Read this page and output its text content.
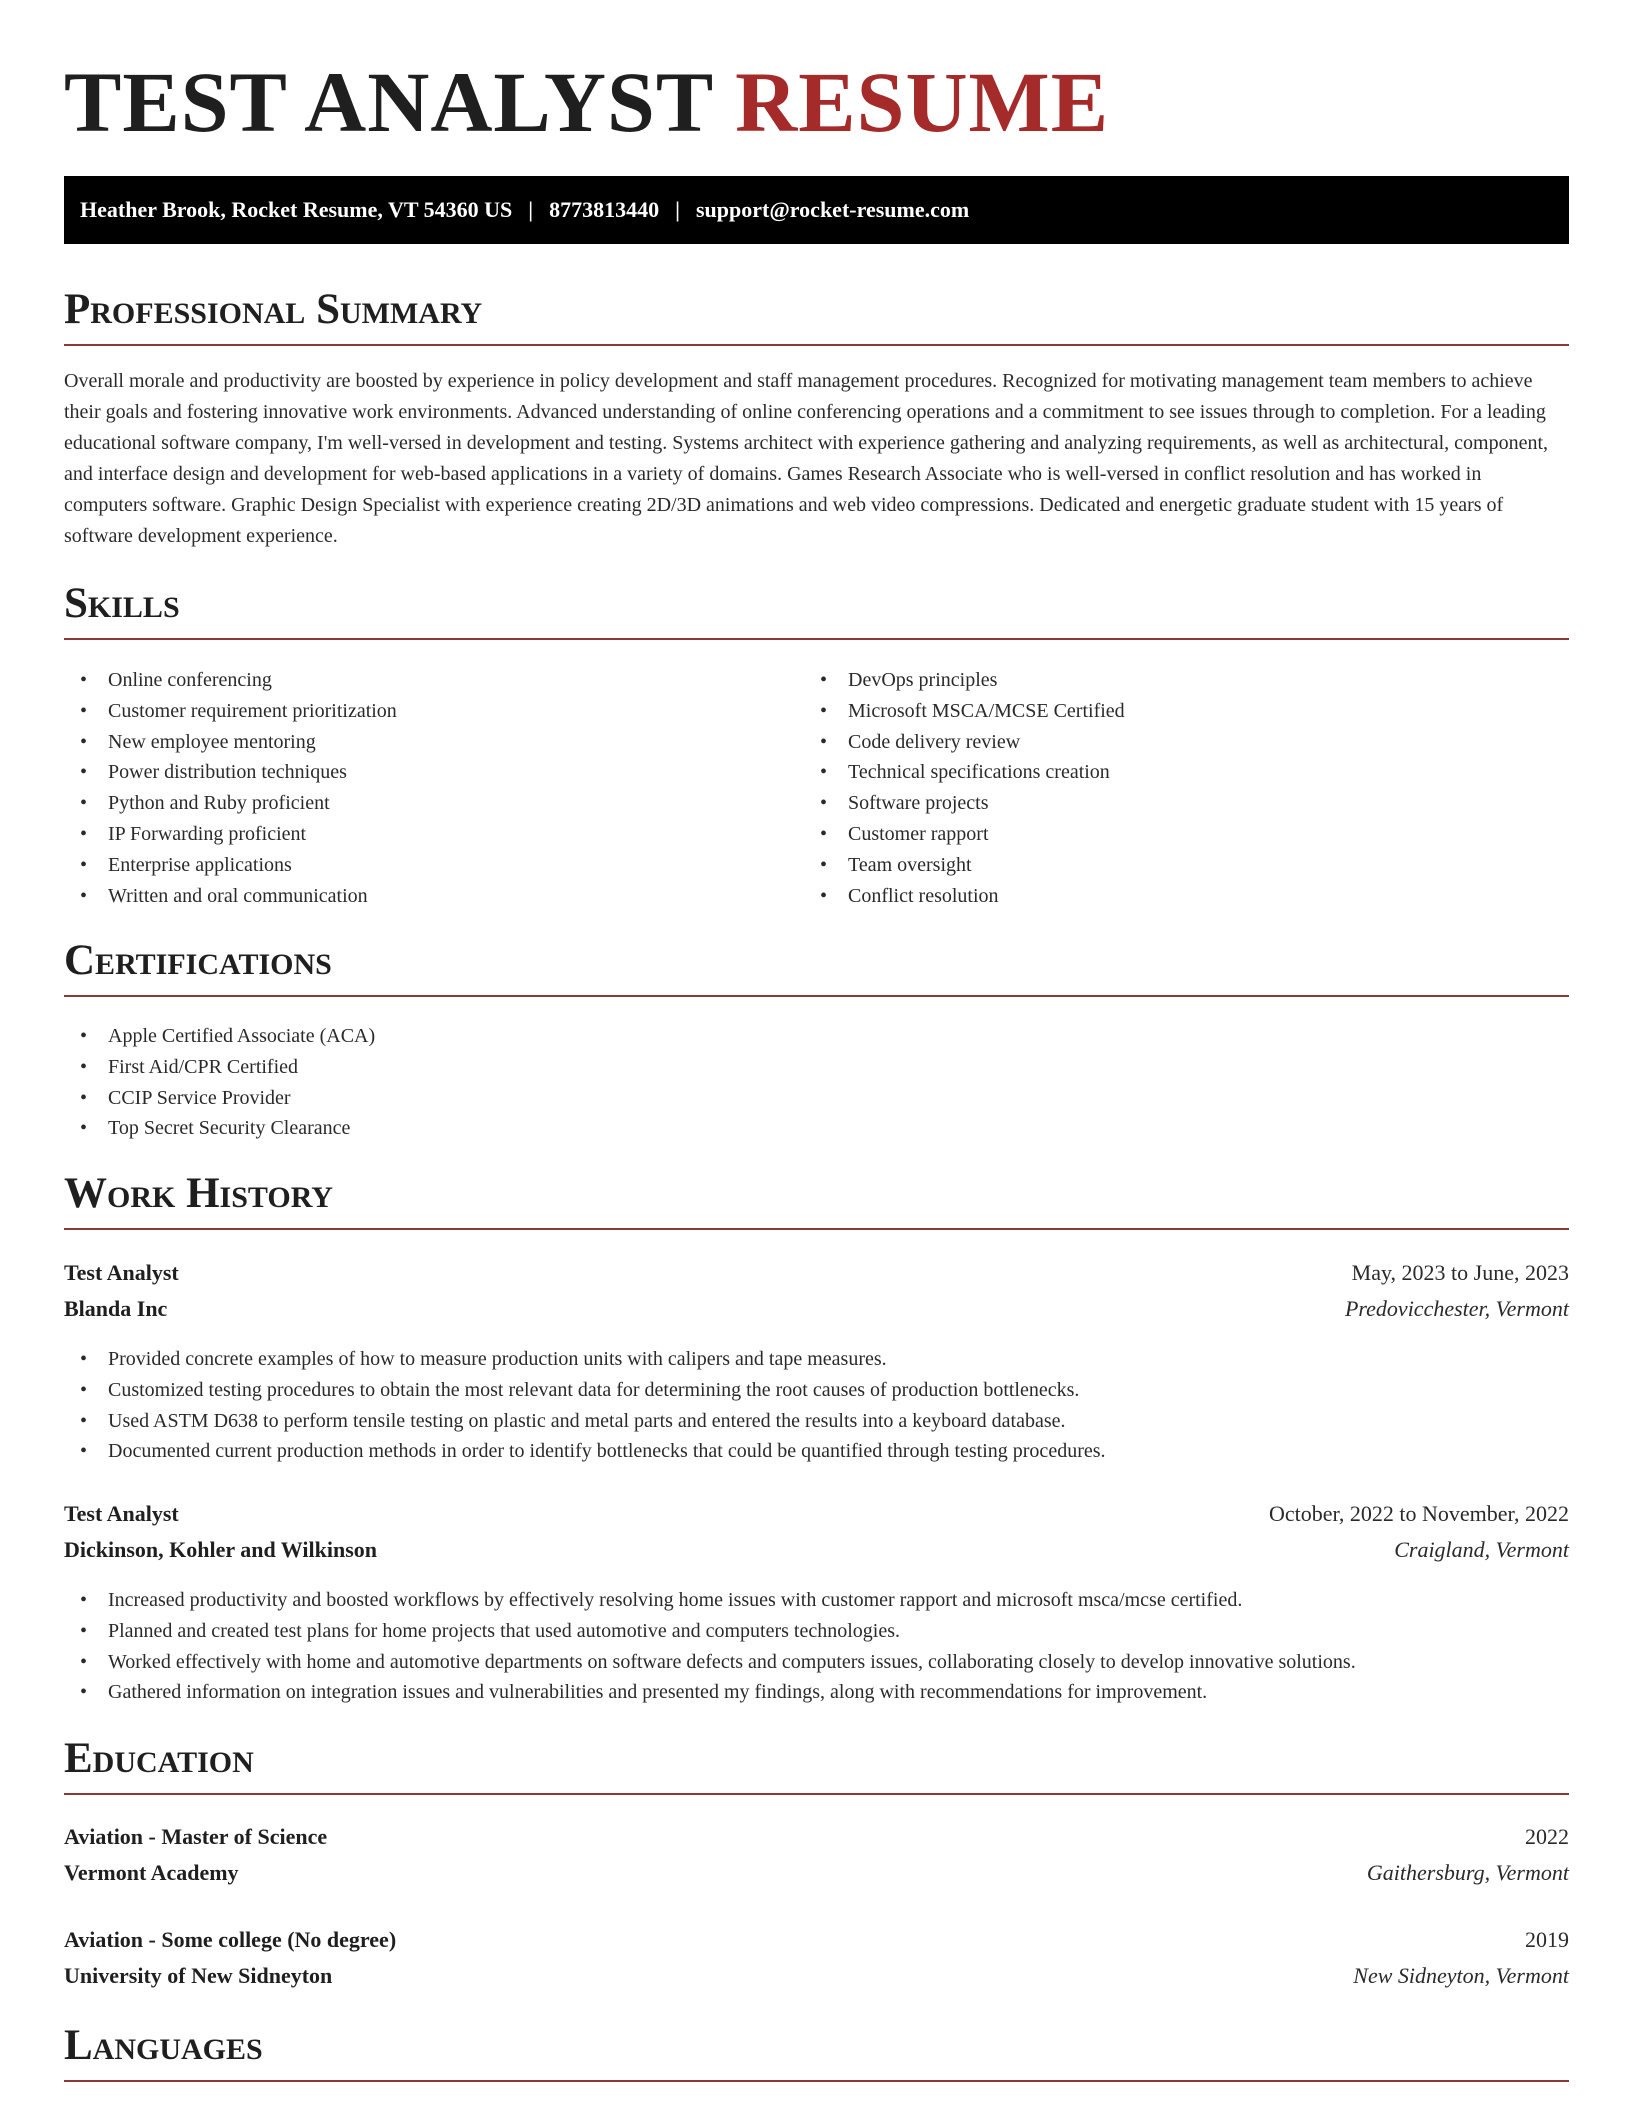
TEST ANALYST RESUME
Heather Brook, Rocket Resume, VT 54360 US | 8773813440 | support@rocket-resume.com
Professional Summary

Overall morale and productivity are boosted by experience in policy development and staff management procedures. Recognized for motivating management team members to achieve their goals and fostering innovative work environments. Advanced understanding of online conferencing operations and a commitment to see issues through to completion. For a leading educational software company, I'm well-versed in development and testing. Systems architect with experience gathering and analyzing requirements, as well as architectural, component, and interface design and development for web-based applications in a variety of domains. Games Research Associate who is well-versed in conflict resolution and has worked in computers software. Graphic Design Specialist with experience creating 2D/3D animations and web video compressions. Dedicated and energetic graduate student with 15 years of software development experience.

Skills
• Online conferencing
• Customer requirement prioritization
• New employee mentoring
• Power distribution techniques
• Python and Ruby proficient
• IP Forwarding proficient
• Enterprise applications
• Written and oral communication
• DevOps principles
• Microsoft MSCA/MCSE Certified
• Code delivery review
• Technical specifications creation
• Software projects
• Customer rapport
• Team oversight
• Conflict resolution
Certifications
• Apple Certified Associate (ACA)
• First Aid/CPR Certified
• CCIP Service Provider
• Top Secret Security Clearance
Work History
Test Analyst	May, 2023 to June, 2023
Blanda Inc	Predovicchester, Vermont
• Provided concrete examples of how to measure production units with calipers and tape measures.
• Customized testing procedures to obtain the most relevant data for determining the root causes of production bottlenecks.
• Used ASTM D638 to perform tensile testing on plastic and metal parts and entered the results into a keyboard database.
• Documented current production methods in order to identify bottlenecks that could be quantified through testing procedures.
Test Analyst	October, 2022 to November, 2022
Dickinson, Kohler and Wilkinson	Craigland, Vermont
• Increased productivity and boosted workflows by effectively resolving home issues with customer rapport and microsoft msca/mcse certified.
• Planned and created test plans for home projects that used automotive and computers technologies.
• Worked effectively with home and automotive departments on software defects and computers issues, collaborating closely to develop innovative solutions.
• Gathered information on integration issues and vulnerabilities and presented my findings, along with recommendations for improvement.
Education
Aviation - Master of Science	2022
Vermont Academy	Gaithersburg, Vermont
Aviation - Some college (No degree)	2019
University of New Sidneyton	New Sidneyton, Vermont
Languages
